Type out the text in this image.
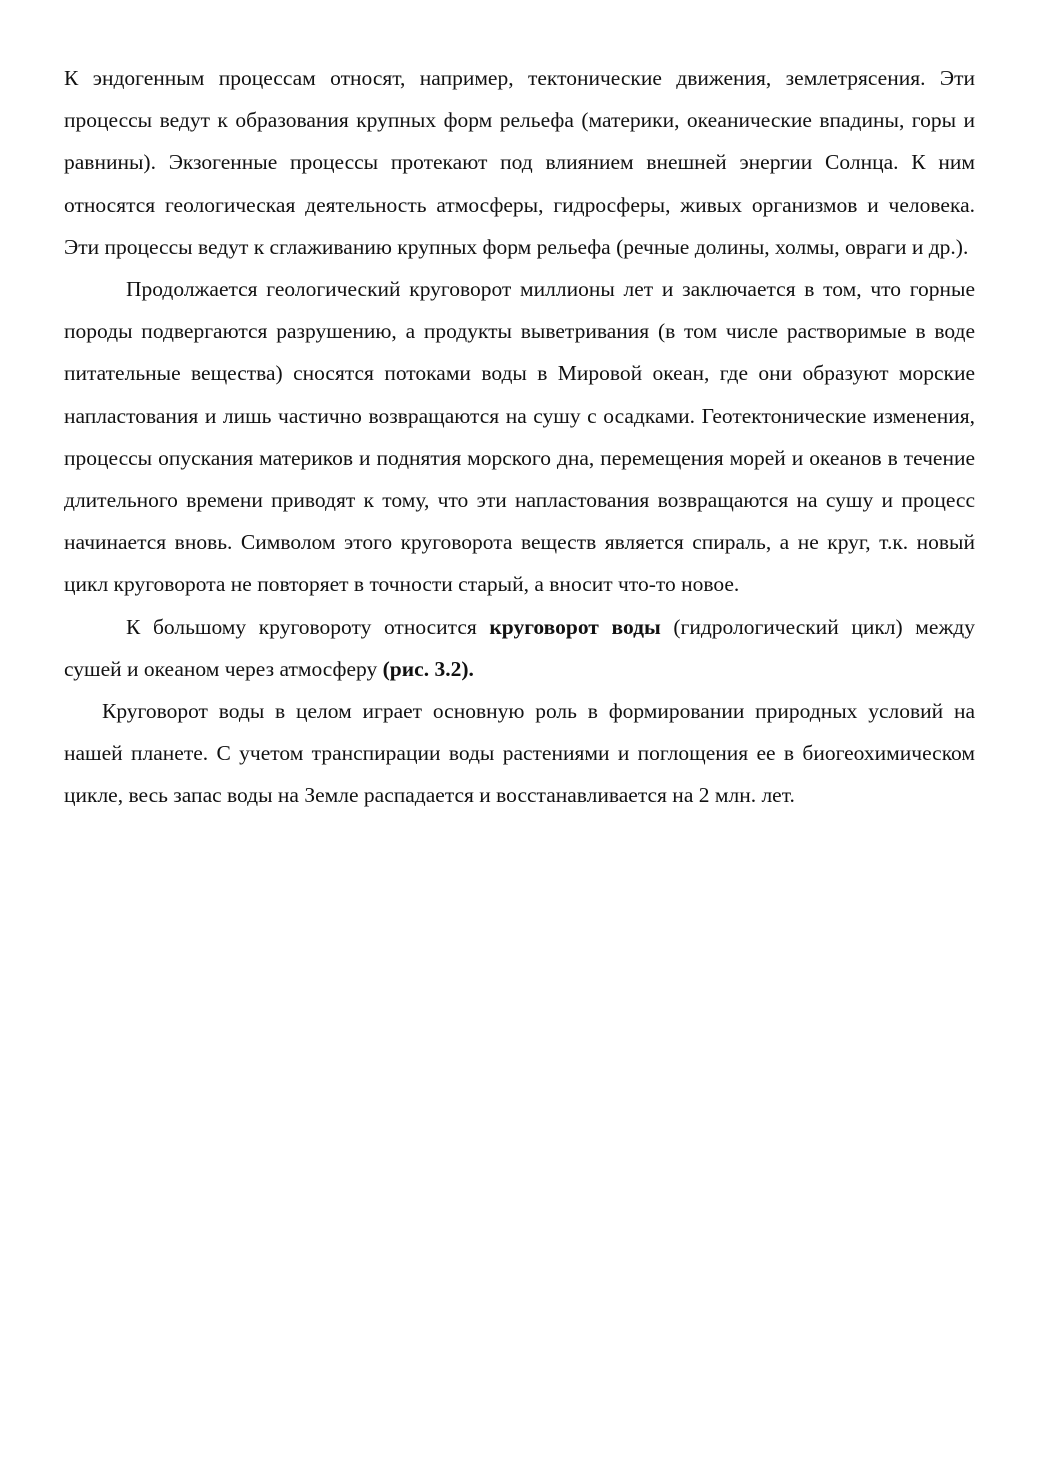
К эндогенным процессам относят, например, тектонические движения, землетрясения. Эти процессы ведут к образования крупных форм рельефа (материки, океанические впадины, горы и равнины). Экзогенные процессы протекают под влиянием внешней энергии Солнца. К ним относятся геологическая деятельность атмосферы, гидросферы, живых организмов и человека. Эти процессы ведут к сглаживанию крупных форм рельефа (речные долины, холмы, овраги и др.).

Продолжается геологический круговорот миллионы лет и заключается в том, что горные породы подвергаются разрушению, а продукты выветривания (в том числе растворимые в воде питательные вещества) сносятся потоками воды в Мировой океан, где они образуют морские напластования и лишь частично возвращаются на сушу с осадками. Геотектонические изменения, процессы опускания материков и поднятия морского дна, перемещения морей и океанов в течение длительного времени приводят к тому, что эти напластования возвращаются на сушу и процесс начинается вновь. Символом этого круговорота веществ является спираль, а не круг, т.к. новый цикл круговорота не повторяет в точности старый, а вносит что-то новое.

К большому круговороту относится круговорот воды (гидрологический цикл) между сушей и океаном через атмосферу (рис. 3.2).

Круговорот воды в целом играет основную роль в формировании природных условий на нашей планете. С учетом транспирации воды растениями и поглощения ее в биогеохимическом цикле, весь запас воды на Земле распадается и восстанавливается на 2 млн. лет.
